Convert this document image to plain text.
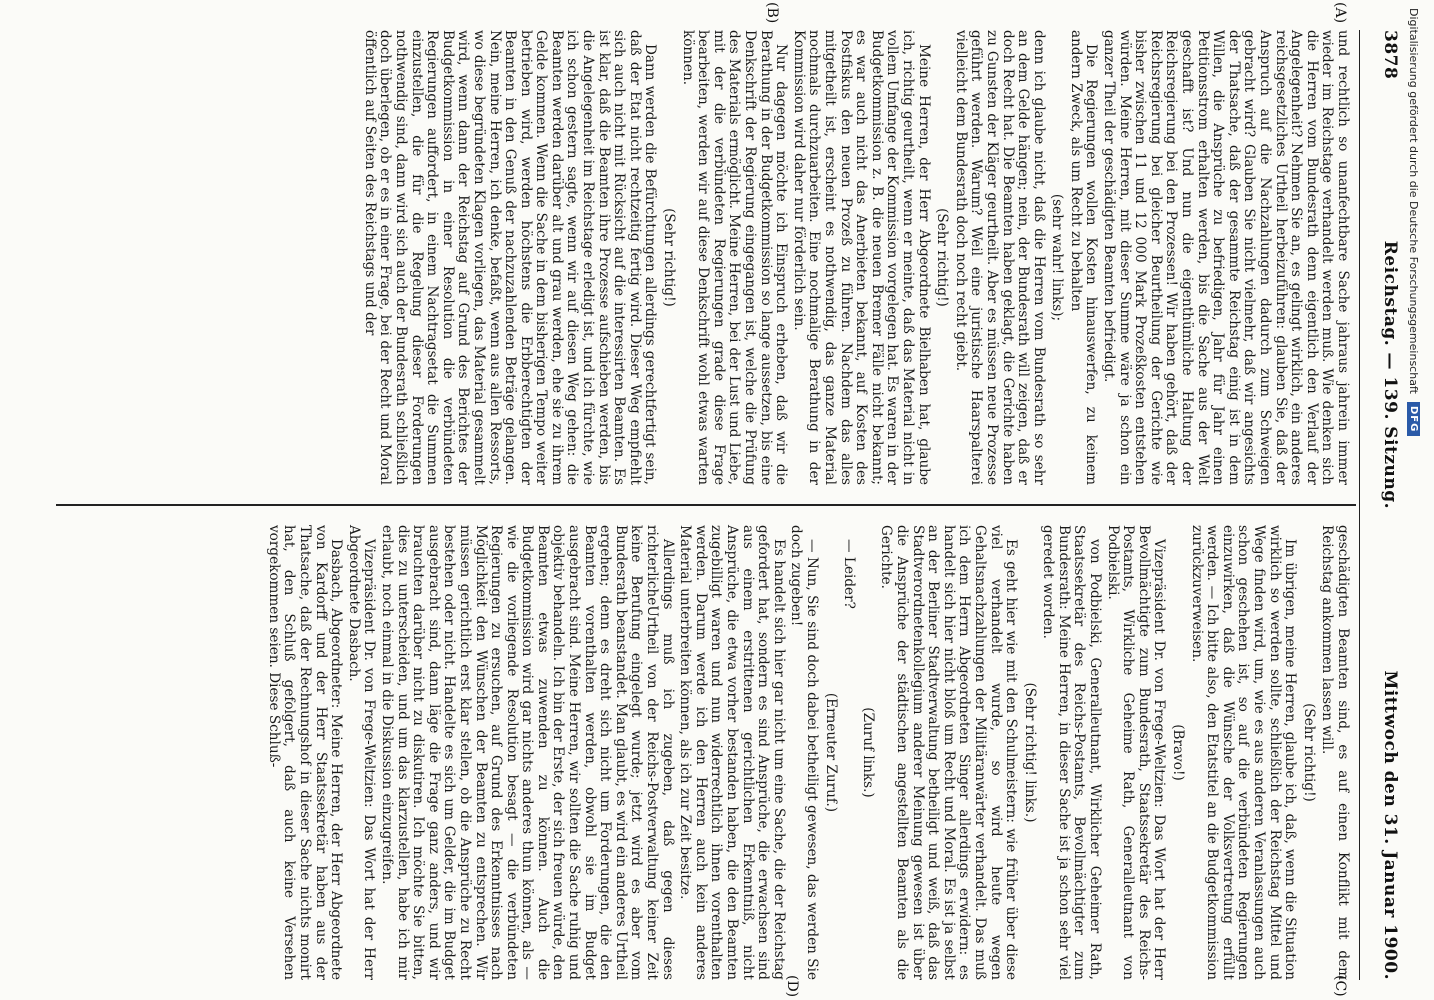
3878
Reichstag. — 139. Sitzung.
Mittwoch den 31. Januar 1900.
(A)
(B)
(C)
(D)

und rechtlich so unanfechtbare Sache jahraus jahrein immer wieder im Reichstage verhandelt werden muß. Wie denken sich die Herren vom Bundesrath denn eigentlich den Verlauf der Angelegenheit? Nehmen Sie an, es gelingt wirklich, ein anderes reichsgesetzliches Urtheil herbeizuführen: glauben Sie, daß der Anspruch auf die Nachzahlungen dadurch zum Schweigen gebracht wird? Glauben Sie nicht vielmehr, daß wir angesichts der Thatsache, daß der gesammte Reichstag einig ist in dem Willen, die Ansprüche zu befriedigen, Jahr für Jahr einen Petitionsstrom erhalten werden, bis die Sache aus der Welt geschafft ist? Und nun die eigenthümliche Haltung der Reichsregierung bei den Prozessen! Wir haben gehört, daß der Reichsregierung bei gleicher Beurtheilung der Gerichte wie bisher zwischen 11 und 12 000 Mark Prozeßkosten entstehen würden. Meine Herren, mit dieser Summe wäre ja schon ein ganzer Theil der geschädigten Beamten befriedigt.

Die Regierungen wollen Kosten hinauswerfen, zu keinem andern Zweck, als um Recht zu behalten

(sehr wahr! links);

denn ich glaube nicht, daß die Herren vom Bundesrath so sehr an dem Gelde hängen; nein, der Bundesrath will zeigen, daß er doch Recht hat. Die Beamten haben geklagt, die Gerichte haben zu Gunsten der Kläger geurtheilt. Aber es müssen neue Prozesse geführt werden. Warum? Weil eine juristische Haarspalterei vielleicht dem Bundesrath doch noch recht giebt.

(Sehr richtig!)

Meine Herren, der Herr Abgeordnete Bielhaben hat, glaube ich, richtig geurtheilt, wenn er meinte, daß das Material nicht in vollem Umfange der Kommission vorgelegen hat. Es waren in der Budgetkommission z. B. die neuen Bremer Fälle nicht bekannt; es war auch nicht das Anerbieten bekannt, auf Kosten des Postfiskus den neuen Prozeß zu führen. Nachdem das alles mitgetheilt ist, erscheint es nothwendig, das ganze Material nochmals durchzuarbeiten. Eine nochmalige Berathung in der Kommission wird daher nur förderlich sein.

Nur dagegen möchte ich Einspruch erheben, daß wir die Berathung in der Budgetkommission so lange aussetzen, bis eine Denkschrift der Regierung eingegangen ist, welche die Prüfung des Materials ermöglicht. Meine Herren, bei der Lust und Liebe, mit der die verbündeten Regierungen grade diese Frage bearbeiten, werden wir auf diese Denkschrift wohl etwas warten können.

(Sehr richtig!)

Dann werden die Befürchtungen allerdings gerechtfertigt sein, daß der Etat nicht rechtzeitig fertig wird. Dieser Weg empfiehlt sich auch nicht mit Rücksicht auf die interessirten Beamten. Es ist klar, daß die Beamten ihre Prozesse aufschieben werden, bis die Angelegenheit im Reichstage erledigt ist, und ich fürchte, wie ich schon gestern sagte, wenn wir auf diesen Weg gehen: die Beamten werden darüber alt und grau werden, ehe sie zu ihrem Gelde kommen. Wenn die Sache in dem bisherigen Tempo weiter betrieben wird, werden höchstens die Erbberechtigten der Beamten in den Genuß der nachzuzahlenden Beträge gelangen. Nein, meine Herren, ich denke, befaßt, wenn aus allen Ressorts, wo diese begründeten Klagen vorliegen, das Material gesammelt wird, wenn dann der Reichstag auf Grund des Berichtes der Budgetkommission in einer Resolution die verbündeten Regierungen auffordert, in einem Nachtragsetat die Summen einzustellen, die für die Regelung dieser Forderungen nothwendig sind, dann wird sich auch der Bundesrath schließlich doch überlegen, ob er es in einer Frage, bei der Recht und Moral öffentlich auf Seiten des Reichstags und der

geschädigten Beamten sind, es auf einen Konflikt mit dem Reichstag ankommen lassen will.

(Sehr richtig!)

Im übrigen, meine Herren, glaube ich, daß, wenn die Situation wirklich so werden sollte, schließlich der Reichstag Mittel und Wege finden wird, um, wie es aus anderen Veranlassungen auch schon geschehen ist, so auf die verbündeten Regierungen einzuwirken, daß die Wünsche der Volksvertretung erfüllt werden. — Ich bitte also, den Etatstitel an die Budgetkommission zurückzuverweisen.

(Bravo!)

Vizepräsident Dr. von Frege-Weltzien: Das Wort hat der Herr Bevollmächtigte zum Bundesrath, Staatssekretär des Reichs-Postamts, Wirkliche Geheime Rath, Generalleutnant von Podbielski.

von Podbielski, Generalleutnant, Wirklicher Geheimer Rath, Staatssekretär des Reichs-Postamts, Bevollmächtigter zum Bundesrath: Meine Herren, in dieser Sache ist ja schon sehr viel geredet worden.

(Sehr richtig! links.)

Es geht hier wie mit den Schulmeistern: wie früher über diese viel verhandelt wurde, so wird heute wegen Gehaltsnachzahlungen der Militäranwärter verhandelt. Das muß ich dem Herrn Abgeordneten Singer allerdings erwidern: es handelt sich hier nicht bloß um Recht und Moral. Es ist ja selbst an der Berliner Stadtverwaltung betheiligt und weiß, daß das Stadtverordnetenkollegium anderer Meinung gewesen ist über die Ansprüche der städtischen angestellten Beamten als die Gerichte.

(Zuruf links.)

— Leider?

(Erneuter Zuruf.)

— Nun, Sie sind doch dabei betheiligt gewesen, das werden Sie doch zugeben!

Es handelt sich hier gar nicht um eine Sache, die der Reichstag gefordert hat, sondern es sind Ansprüche, die erwachsen sind aus einem erstrittenen gerichtlichen Erkenntniß, nicht Ansprüche, die etwa vorher bestanden haben, die den Beamten zugebilligt waren und nun widerrechtlich ihnen vorenthalten werden. Darum werde ich den Herren auch kein anderes Material unterbreiten können, als ich zur Zeit besitze.

Allerdings muß ich zugeben, daß gegen dieses richterlicheUrtheil von der Reichs-Postverwaltung keiner Zeit keine Berufung eingelegt wurde; jetzt wird es aber vom Bundesrath beanstandet. Man glaubt, es wird ein anderes Urtheil ergehen; denn es dreht sich nicht um Forderungen, die den Beamten vorenthalten werden, obwohl sie im Budget ausgebracht sind. Meine Herren, wir sollten die Sache ruhig und objektiv behandeln. Ich bin der Erste, der sich freuen würde, den Beamten etwas zuwenden zu können. Auch die Budgetkommission wird gar nichts anderes thun können, als — wie die vorliegende Resolution besagt — die verbündeten Regierungen zu ersuchen, auf Grund des Erkenntnisses nach Möglichkeit den Wünschen der Beamten zu entsprechen. Wir müssen gerichtlich erst klar stellen, ob die Ansprüche zu Recht bestehen oder nicht. Handelte es sich um Gelder, die im Budget ausgebracht sind, dann läge die Frage ganz anders, und wir brauchten darüber nicht zu diskutiren. Ich möchte Sie bitten, dies zu unterscheiden, und um das klarzustellen, habe ich mir erlaubt, noch einmal in die Diskussion einzugreifen.

Vizepräsident Dr. von Frege-Weltzien: Das Wort hat der Herr Abgeordnete Dasbach.

Dasbach, Abgeordneter: Meine Herren, der Herr Abgeordnete von Kardorff und der Herr Staatssekretär haben aus der Thatsache, daß der Rechnungshof in dieser Sache nichts monirt hat, den Schluß gefolgert, daß auch keine Versehen vorgekommen seien. Diese Schluß-

Digitalisierung gefördert durch die Deutsche Forschungsgemeinschaft
DFG
